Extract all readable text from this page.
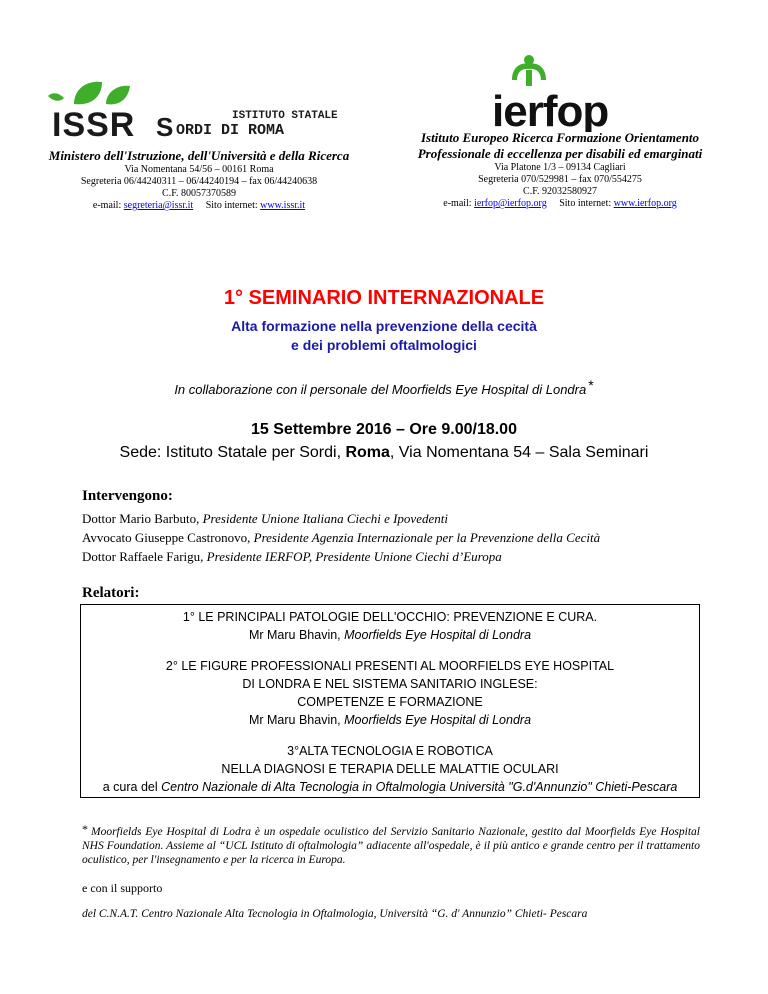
ISSR S	ISTITUTO STATALE
ORDI DI ROMA
Ministero dell'Istruzione, dell'Università e della Ricerca
Via Nomentana 54/56 – 00161 Roma
Segreteria 06/44240311 – 06/44240194 – fax 06/44240638
C.F. 80057370589
e-mail: segreteria@issr.it Sito internet: www.issr.it
ierfop
Istituto Europeo Ricerca Formazione Orientamento Professionale di eccellenza per disabili ed emarginati
Via Platone 1/3 – 09134 Cagliari
Segreteria 070/529981 – fax 070/554275
C.F. 92032580927
e-mail: ierfop@ierfop.org Sito internet: www.ierfop.org
1° SEMINARIO INTERNAZIONALE
Alta formazione nella prevenzione della cecità
e dei problemi oftalmologici
In collaborazione con il personale del Moorfields Eye Hospital di Londra *
15 Settembre 2016 – Ore 9.00/18.00
Sede: Istituto Statale per Sordi, Roma, Via Nomentana 54 – Sala Seminari
Intervengono:
Dottor Mario Barbuto, Presidente Unione Italiana Ciechi e Ipovedenti
Avvocato Giuseppe Castronovo, Presidente Agenzia Internazionale per la Prevenzione della Cecità
Dottor Raffaele Farigu, Presidente IERFOP, Presidente Unione Ciechi d’Europa
Relatori:
1° LE PRINCIPALI PATOLOGIE DELL'OCCHIO: PREVENZIONE E CURA.
Mr Maru Bhavin, Moorfields Eye Hospital di Londra
2° LE FIGURE PROFESSIONALI PRESENTI AL MOORFIELDS EYE HOSPITAL
DI LONDRA E NEL SISTEMA SANITARIO INGLESE:
COMPETENZE E FORMAZIONE
Mr Maru Bhavin, Moorfields Eye Hospital di Londra
3°ALTA TECNOLOGIA E ROBOTICA
NELLA DIAGNOSI E TERAPIA DELLE MALATTIE OCULARI
a cura del Centro Nazionale di Alta Tecnologia in Oftalmologia Università "G.d'Annunzio" Chieti-Pescara
* Moorfields Eye Hospital di Lodra è un ospedale oculistico del Servizio Sanitario Nazionale, gestito dal Moorfields Eye Hospital NHS Foundation. Assieme al “UCL Istituto di oftalmologia” adiacente all'ospedale, è il più antico e grande centro per il trattamento oculistico, per l'insegnamento e per la ricerca in Europa.
e con il supporto
del C.N.A.T. Centro Nazionale Alta Tecnologia in Oftalmologia, Università “G. d' Annunzio” Chieti- Pescara
